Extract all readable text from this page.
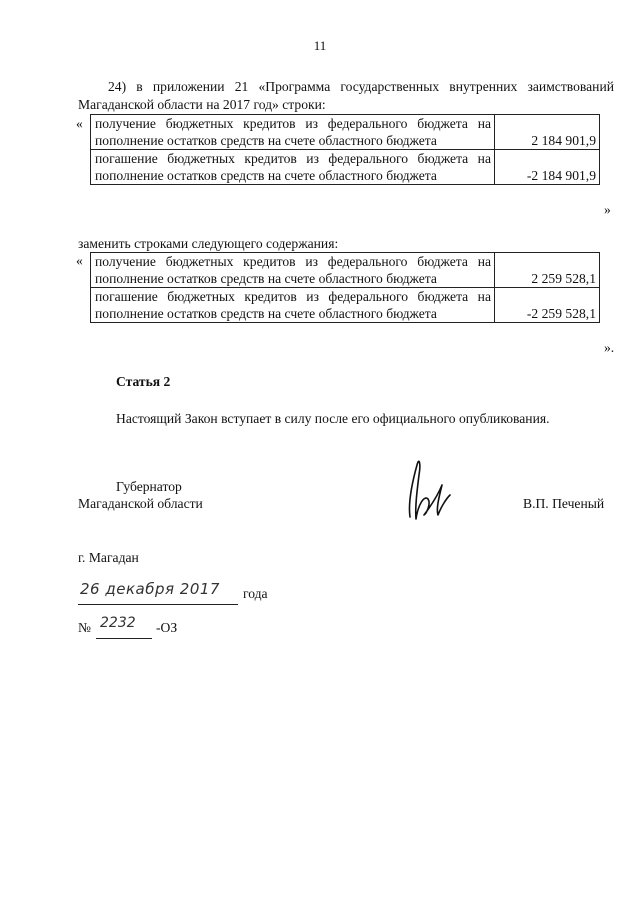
11
24) в приложении 21 «Программа государственных внутренних заимствований Магаданской области на 2017 год» строки:
« получение бюджетных кредитов из федерального бюджета на пополнение остатков средств на счете областного бюджета	2 184 901,9
погашение бюджетных кредитов из федерального бюджета на пополнение остатков средств на счете областного бюджета	-2 184 901,9
»
заменить строками следующего содержания:
« получение бюджетных кредитов из федерального бюджета на пополнение остатков средств на счете областного бюджета	2 259 528,1
погашение бюджетных кредитов из федерального бюджета на пополнение остатков средств на счете областного бюджета	-2 259 528,1
».
Статья 2
Настоящий Закон вступает в силу после его официального опубликования.
Губернатор
Магаданской области	В.П. Печеный
г. Магадан
26 декабря 2017 года
№ 2232 -ОЗ
